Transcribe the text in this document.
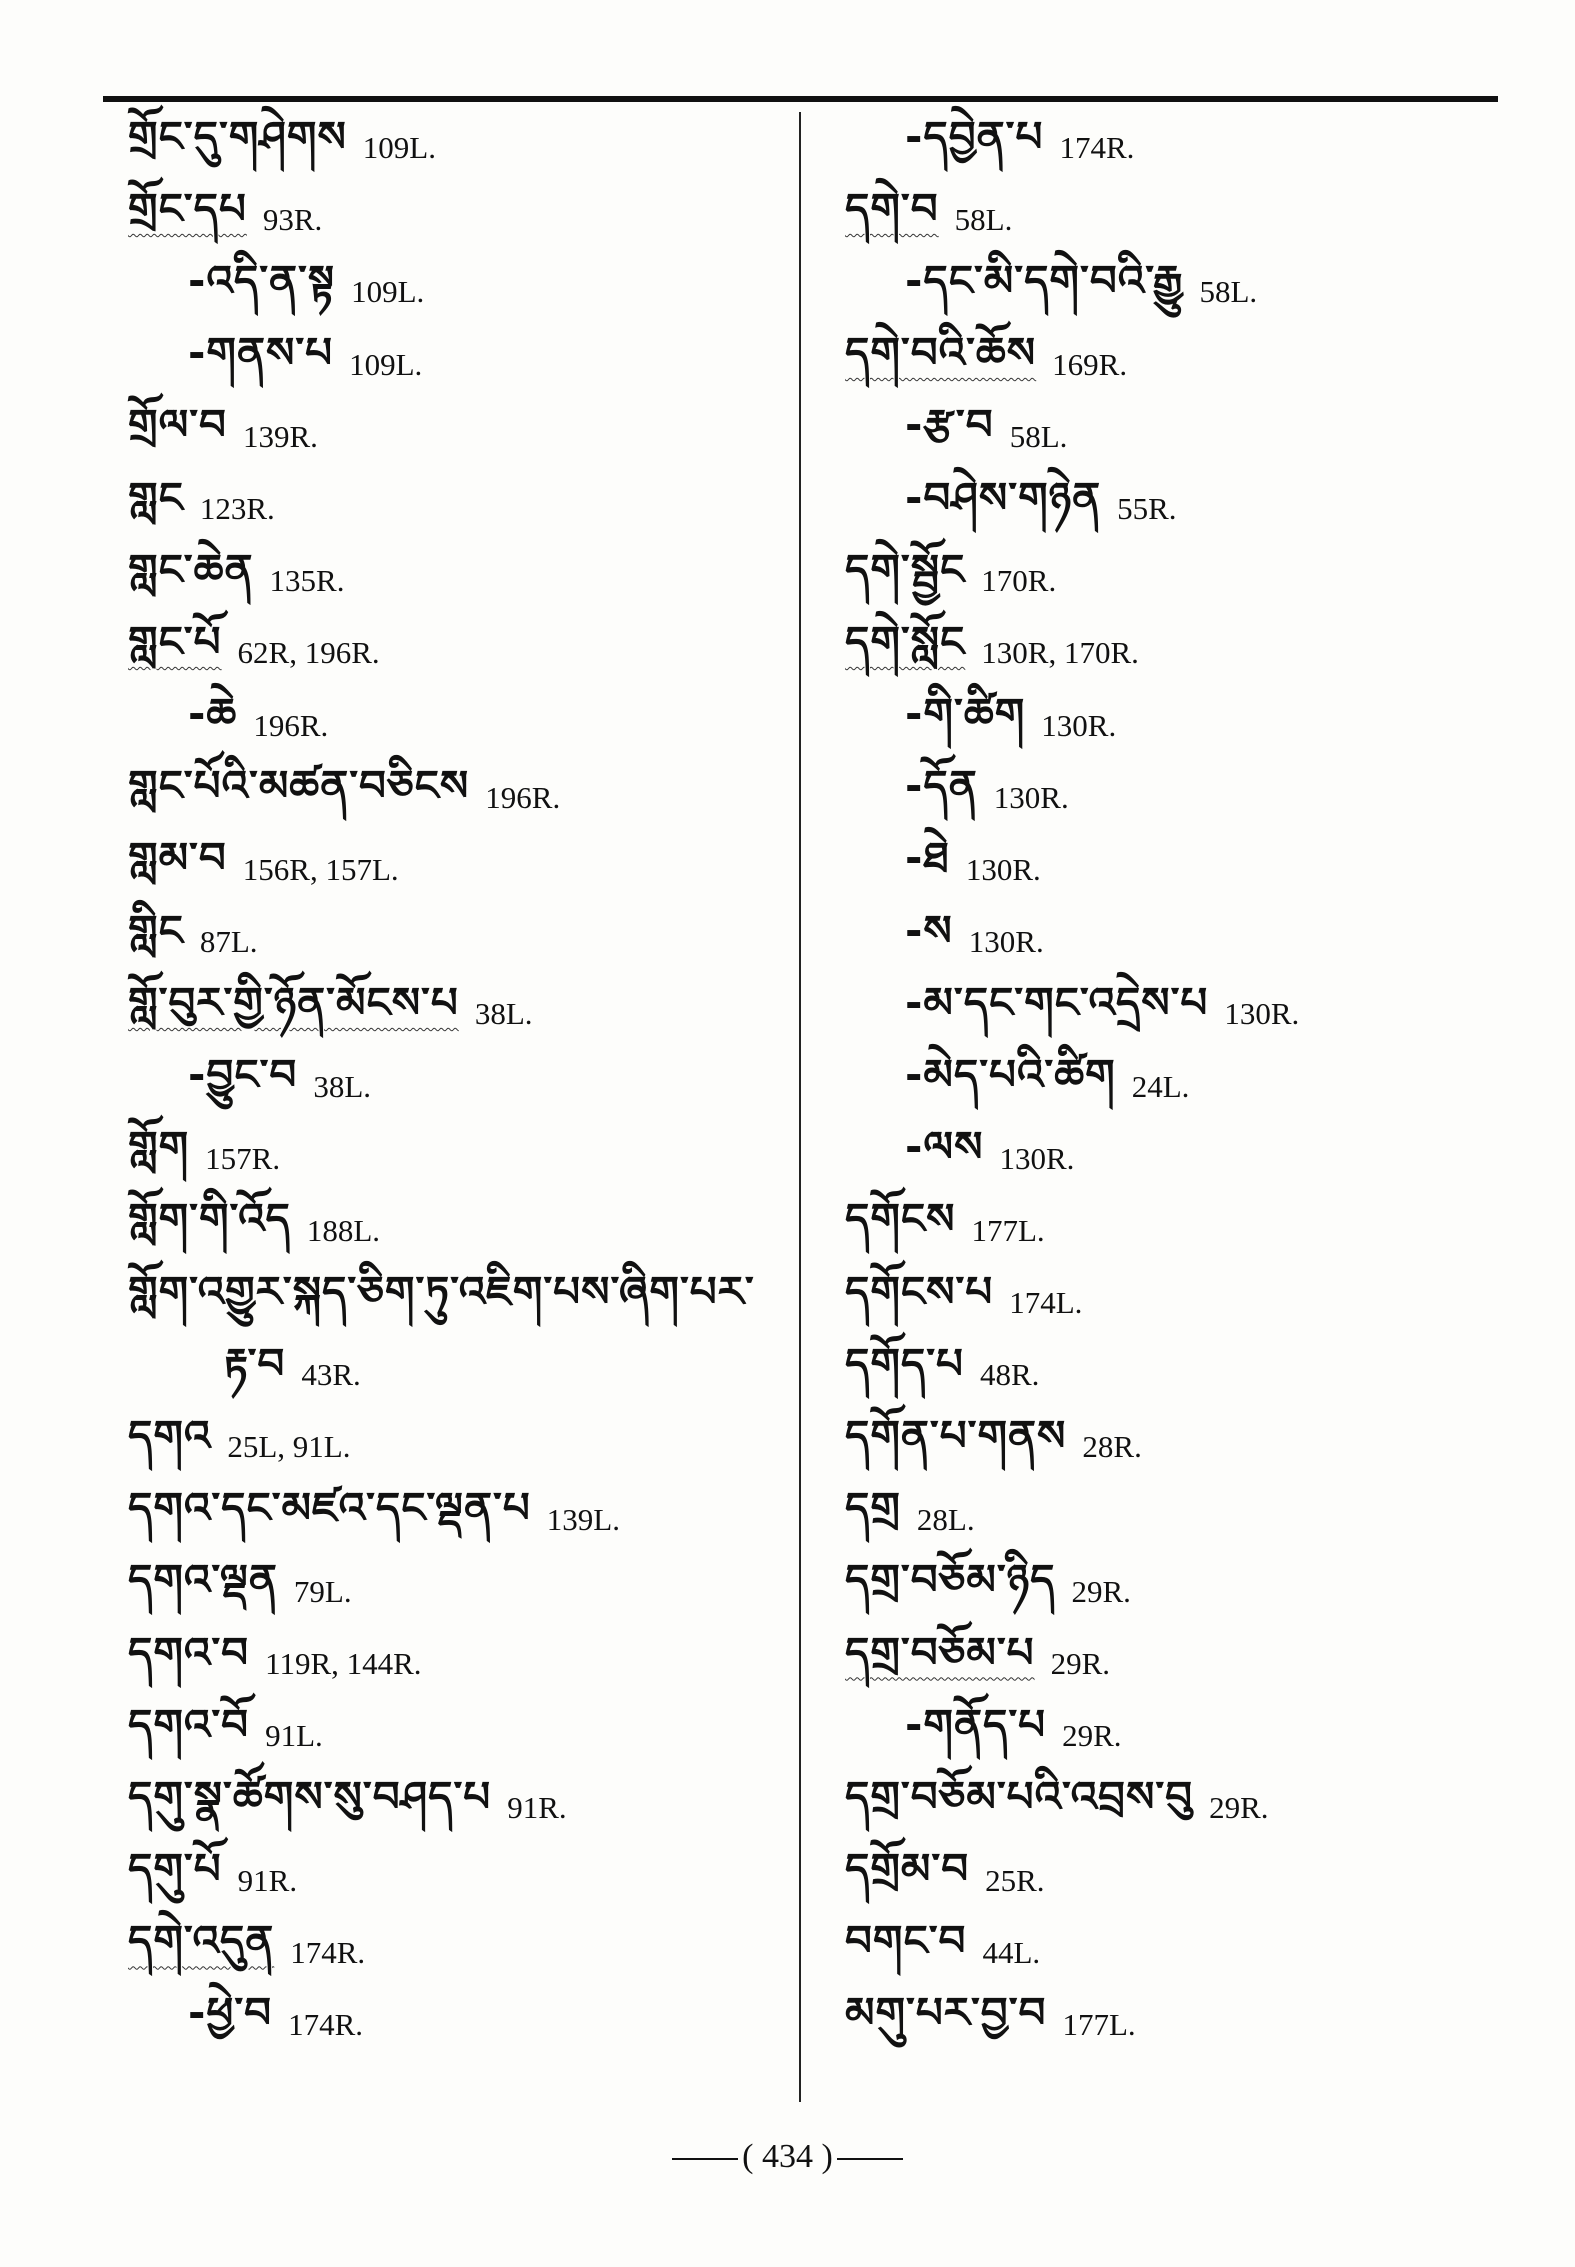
གྲོང་དུ་གཤེགས 109L.
གྲོང་དཔ 93R.
-འདི་ན་སྟ 109L.
-གནས་པ 109L.
གྲོལ་བ 139R.
གླང 123R.
གླང་ཆེན 135R.
གླང་པོ 62R, 196R.
-ཆེ 196R.
གླང་པོའི་མཚན་བཅིངས 196R.
གླམ་བ 156R, 157L.
གླིང 87L.
གློ་བུར་གྱི་ཉོན་མོངས་པ 38L.
-བྱུང་བ 38L.
གློག 157R.
གློག་གི་འོད 188L.
གློག་འགྱུར་སྐད་ཅིག་ཏུ་འཇིག་པས་ཞིག་པར་
རྟ་བ 43R.
དགའ 25L, 91L.
དགའ་དང་མཛའ་དང་ལྡན་པ 139L.
དགའ་ལྡན 79L.
དགའ་བ 119R, 144R.
དགའ་བོ 91L.
དགུ་སྣ་ཚོགས་སུ་བཤད་པ 91R.
དགུ་པོ 91R.
དགེ་འདུན 174R.
-ཕྱེ་བ 174R.
-དབྱེན་པ 174R.
དགེ་བ 58L.
-དང་མི་དགེ་བའི་རྒྱུ 58L.
དགེ་བའི་ཆོས 169R.
-རྩ་བ 58L.
-བཤེས་གཉེན 55R.
དགེ་སྦྱོང 170R.
དགེ་སློང 130R, 170R.
-གི་ཚིག 130R.
-དོན 130R.
-ཐེ 130R.
-ས 130R.
-མ་དང་གང་འདྲེས་པ 130R.
-མེད་པའི་ཚིག 24L.
-ལས 130R.
དགོངས 177L.
དགོངས་པ 174L.
དགོད་པ 48R.
དགོན་པ་གནས 28R.
དགྲ 28L.
དགྲ་བཅོམ་ཉིད 29R.
དགྲ་བཅོམ་པ 29R.
-གནོད་པ 29R.
དགྲ་བཅོམ་པའི་འབྲས་བུ 29R.
དགྲོམ་བ 25R.
བགང་བ 44L.
མགུ་པར་བྱ་བ 177L.
( 434 )
